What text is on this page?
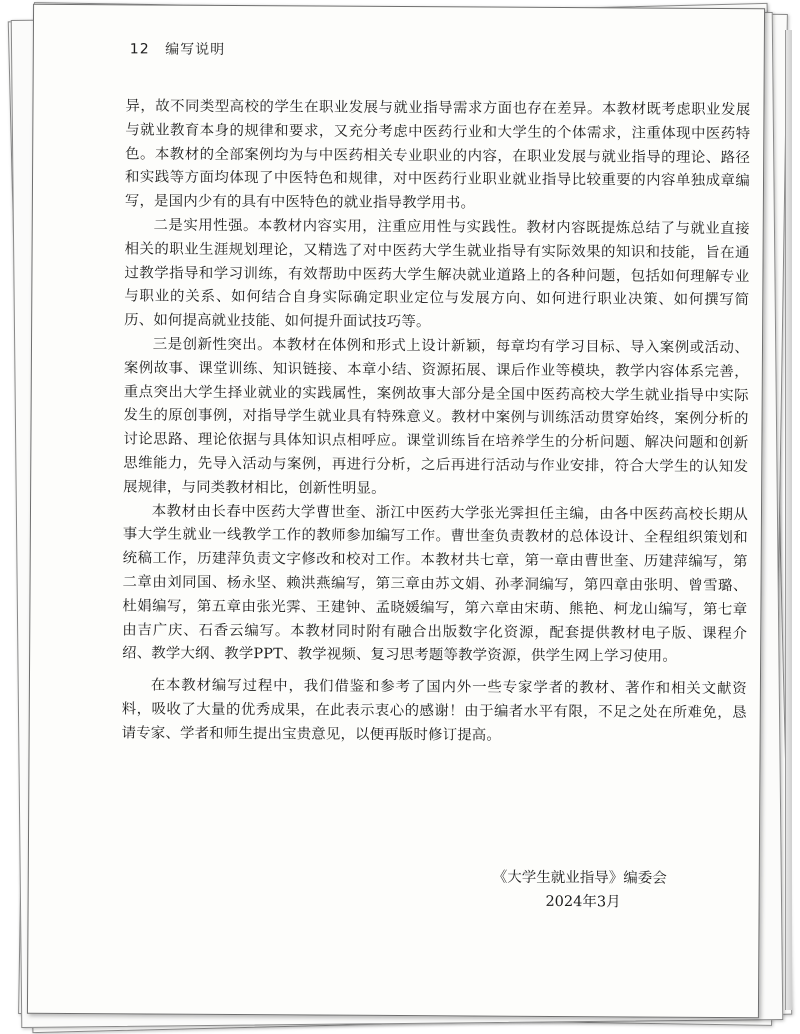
12 编写说明

异，故不同类型高校的学生在职业发展与就业指导需求方面也存在差异。本教材既考虑职业发展与就业教育本身的规律和要求，又充分考虑中医药行业和大学生的个体需求，注重体现中医药特色。本教材的全部案例均为与中医药相关专业职业的内容，在职业发展与就业指导的理论、路径和实践等方面均体现了中医特色和规律，对中医药行业职业就业指导比较重要的内容单独成章编写，是国内少有的具有中医特色的就业指导教学用书。

二是实用性强。本教材内容实用，注重应用性与实践性。教材内容既提炼总结了与就业直接相关的职业生涯规划理论，又精选了对中医药大学生就业指导有实际效果的知识和技能，旨在通过教学指导和学习训练，有效帮助中医药大学生解决就业道路上的各种问题，包括如何理解专业与职业的关系、如何结合自身实际确定职业定位与发展方向、如何进行职业决策、如何撰写简历、如何提高就业技能、如何提升面试技巧等。

三是创新性突出。本教材在体例和形式上设计新颖，每章均有学习目标、导入案例或活动、案例故事、课堂训练、知识链接、本章小结、资源拓展、课后作业等模块，教学内容体系完善，重点突出大学生择业就业的实践属性，案例故事大部分是全国中医药高校大学生就业指导中实际发生的原创事例，对指导学生就业具有特殊意义。教材中案例与训练活动贯穿始终，案例分析的讨论思路、理论依据与具体知识点相呼应。课堂训练旨在培养学生的分析问题、解决问题和创新思维能力，先导入活动与案例，再进行分析，之后再进行活动与作业安排，符合大学生的认知发展规律，与同类教材相比，创新性明显。

本教材由长春中医药大学曹世奎、浙江中医药大学张光霁担任主编，由各中医药高校长期从事大学生就业一线教学工作的教师参加编写工作。曹世奎负责教材的总体设计、全程组织策划和统稿工作，历建萍负责文字修改和校对工作。本教材共七章，第一章由曹世奎、历建萍编写，第二章由刘同国、杨永坚、赖洪燕编写，第三章由苏文娟、孙孝洞编写，第四章由张明、曾雪璐、杜娟编写，第五章由张光霁、王建钟、孟晓媛编写，第六章由宋萌、熊艳、柯龙山编写，第七章由吉广庆、石香云编写。本教材同时附有融合出版数字化资源，配套提供教材电子版、课程介绍、教学大纲、教学PPT、教学视频、复习思考题等教学资源，供学生网上学习使用。

在本教材编写过程中，我们借鉴和参考了国内外一些专家学者的教材、著作和相关文献资料，吸收了大量的优秀成果，在此表示衷心的感谢！由于编者水平有限，不足之处在所难免，恳请专家、学者和师生提出宝贵意见，以便再版时修订提高。

《大学生就业指导》编委会
2024年3月
